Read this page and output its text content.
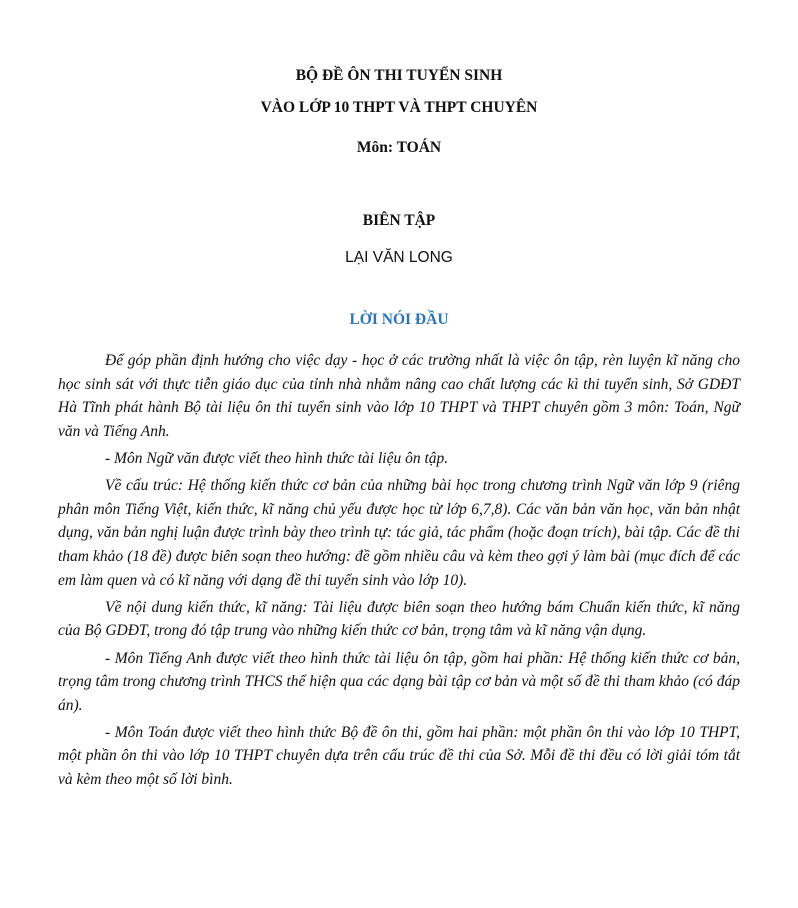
BỘ ĐỀ ÔN THI TUYỂN SINH
VÀO LỚP 10 THPT VÀ THPT CHUYÊN
Môn: TOÁN
BIÊN TẬP
LẠI VĂN LONG
LỜI NÓI ĐẦU

Để góp phần định hướng cho việc dạy - học ở các trường nhất là việc ôn tập, rèn luyện kĩ năng cho học sinh sát với thực tiễn giáo dục của tỉnh nhà nhằm nâng cao chất lượng các kì thi tuyển sinh, Sở GDĐT Hà Tĩnh phát hành Bộ tài liệu ôn thi tuyển sinh vào lớp 10 THPT và THPT chuyên gồm 3 môn: Toán, Ngữ văn và Tiếng Anh.

- Môn Ngữ văn được viết theo hình thức tài liệu ôn tập.

Về cấu trúc: Hệ thống kiến thức cơ bản của những bài học trong chương trình Ngữ văn lớp 9 (riêng phân môn Tiếng Việt, kiến thức, kĩ năng chủ yếu được học từ lớp 6,7,8). Các văn bản văn học, văn bản nhật dụng, văn bản nghị luận được trình bày theo trình tự: tác giả, tác phẩm (hoặc đoạn trích), bài tập. Các đề thi tham khảo (18 đề) được biên soạn theo hướng: đề gồm nhiều câu và kèm theo gợi ý làm bài (mục đích để các em làm quen và có kĩ năng với dạng đề thi tuyển sinh vào lớp 10).

Về nội dung kiến thức, kĩ năng: Tài liệu được biên soạn theo hướng bám Chuẩn kiến thức, kĩ năng của Bộ GDĐT, trong đó tập trung vào những kiến thức cơ bản, trọng tâm và kĩ năng vận dụng.

- Môn Tiếng Anh được viết theo hình thức tài liệu ôn tập, gồm hai phần: Hệ thống kiến thức cơ bản, trọng tâm trong chương trình THCS thể hiện qua các dạng bài tập cơ bản và một số đề thi tham khảo (có đáp án).

- Môn Toán được viết theo hình thức Bộ đề ôn thi, gồm hai phần: một phần ôn thi vào lớp 10 THPT, một phần ôn thi vào lớp 10 THPT chuyên dựa trên cấu trúc đề thi của Sở. Mỗi đề thi đều có lời giải tóm tắt và kèm theo một số lời bình.
